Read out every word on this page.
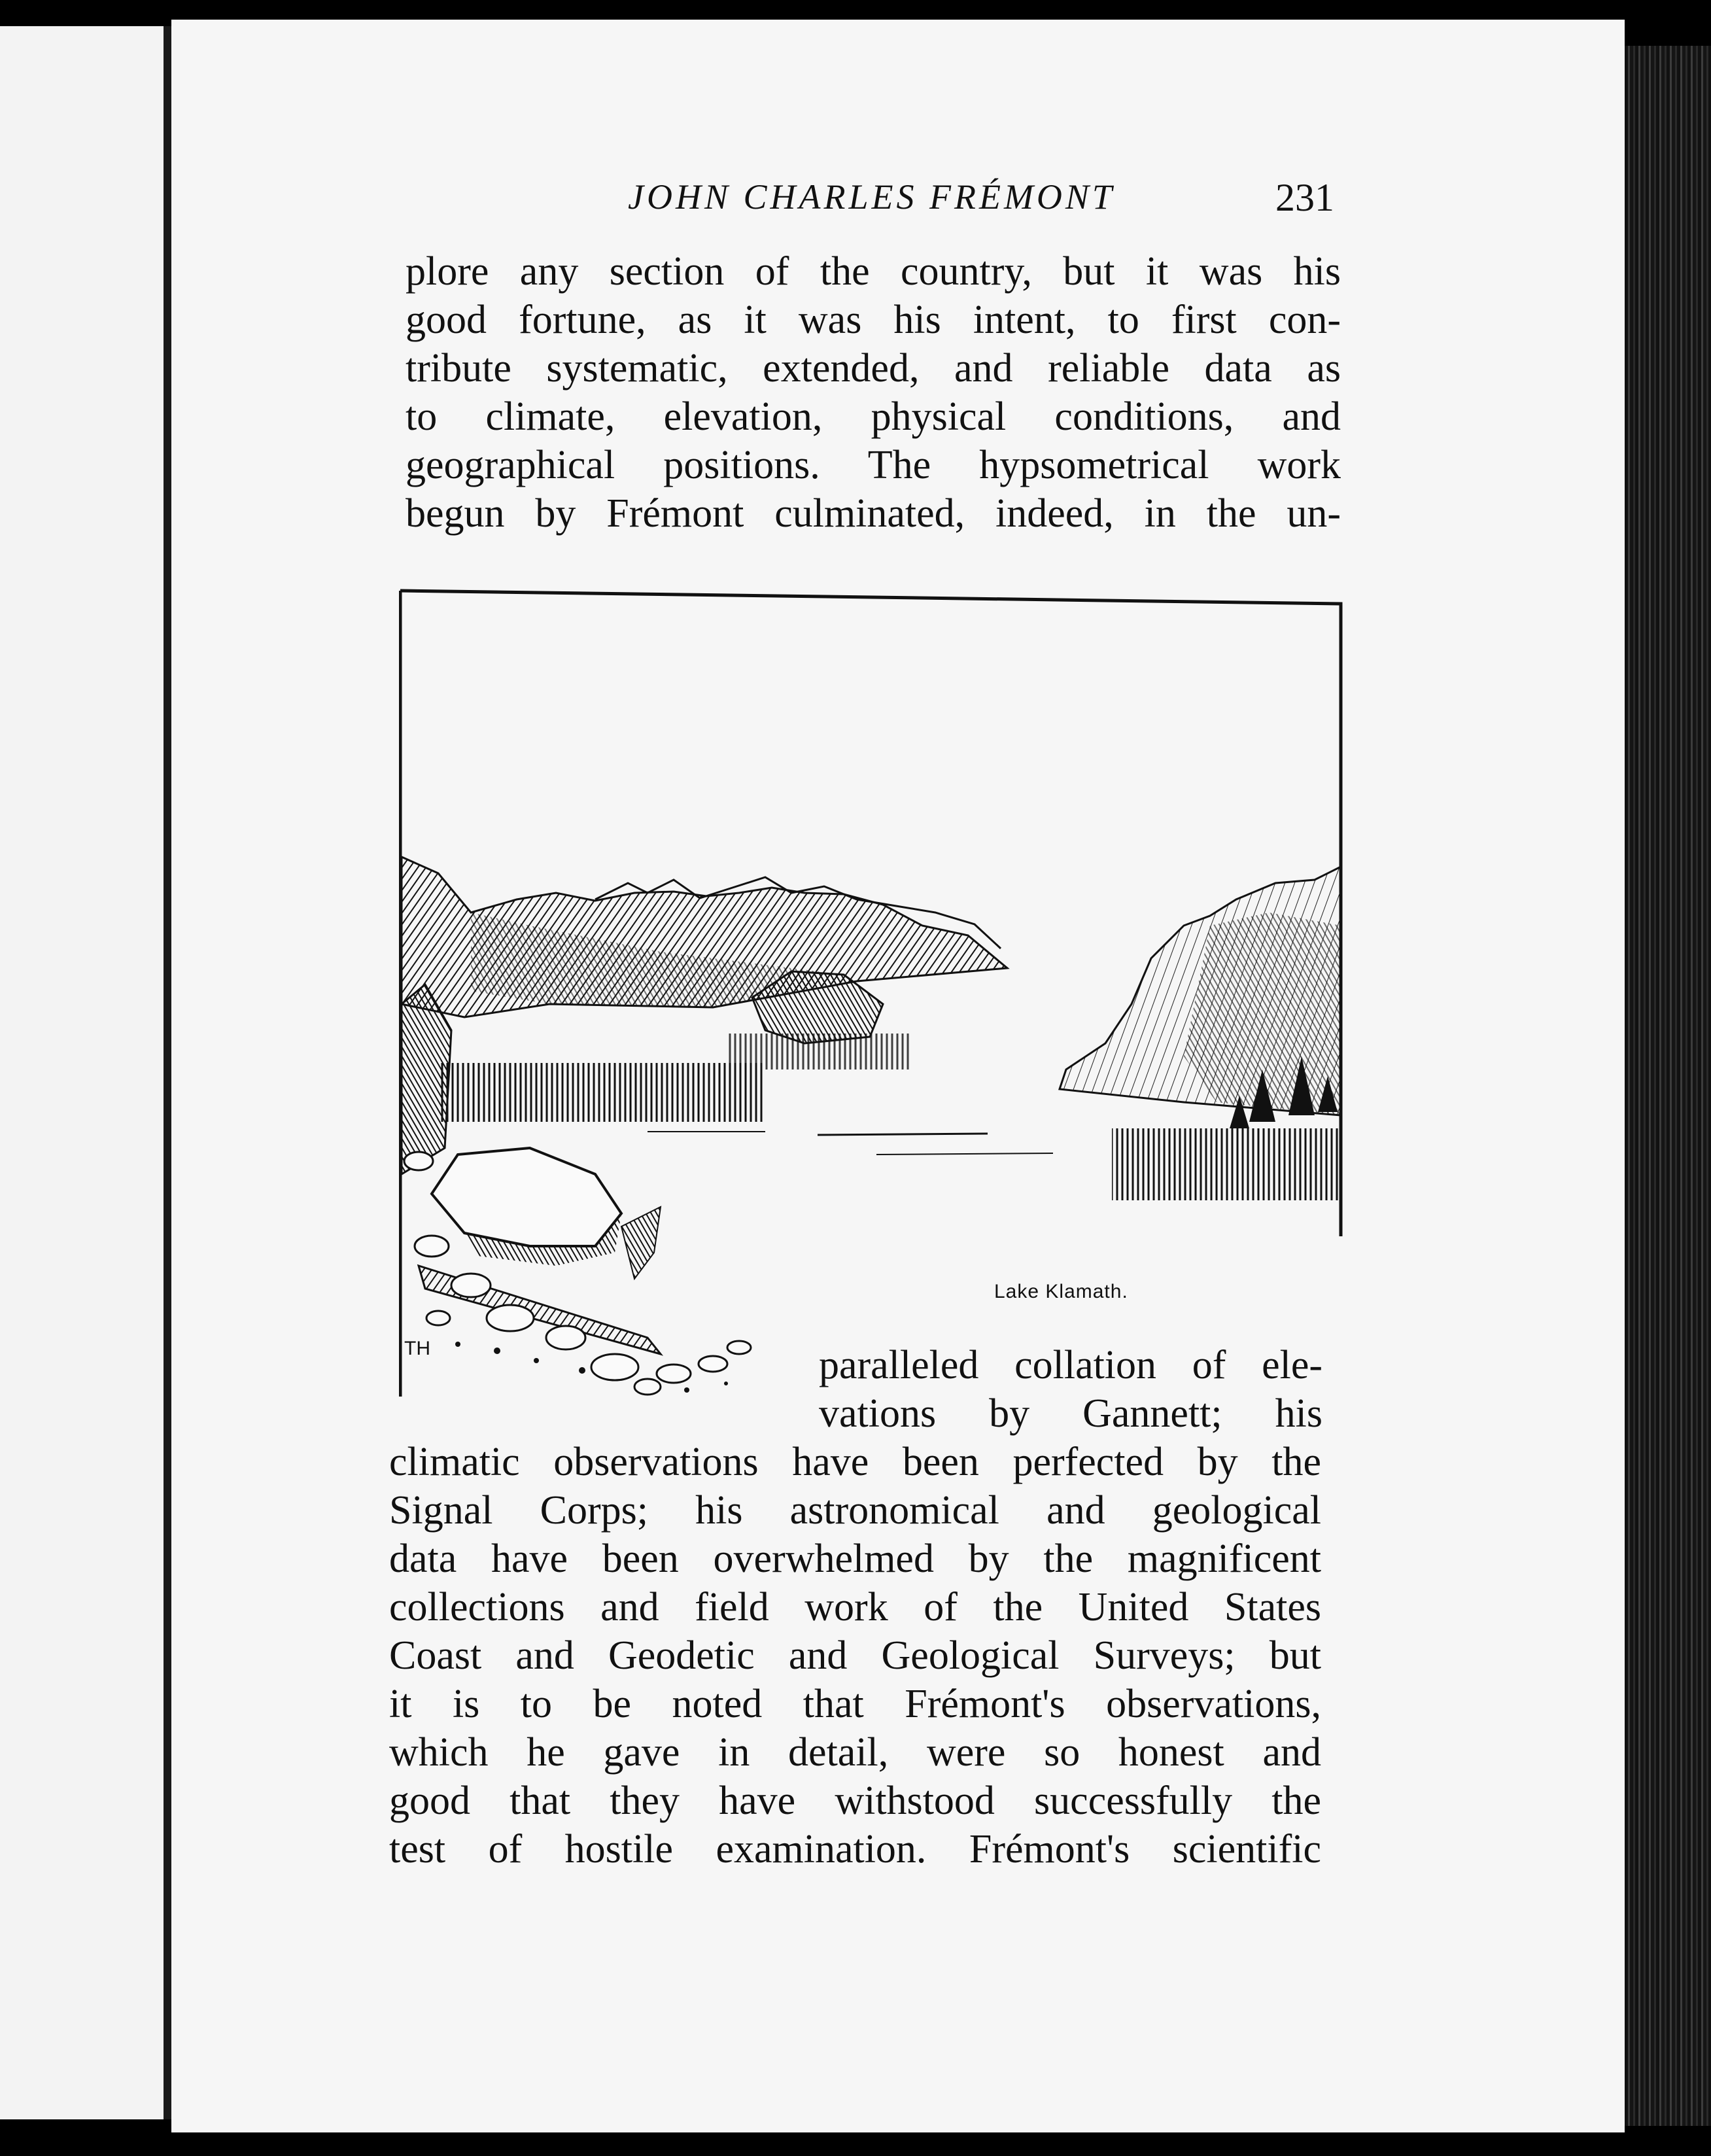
JOHN CHARLES FRÉMONT	231
plore any section of the country, but it was his
good fortune, as it was his intent, to first con-
tribute systematic, extended, and reliable data as
to climate, elevation, physical conditions, and
geographical positions. The hypsometrical work
begun by Frémont culminated, indeed, in the un-
Lake Klamath.
TH	paralleled collation of ele-
vations by Gannett; his
climatic observations have been perfected by the
Signal Corps; his astronomical and geological
data have been overwhelmed by the magnificent
collections and field work of the United States
Coast and Geodetic and Geological Surveys; but
it is to be noted that Frémont's observations,
which he gave in detail, were so honest and
good that they have withstood successfully the
test of hostile examination. Frémont's scientific
